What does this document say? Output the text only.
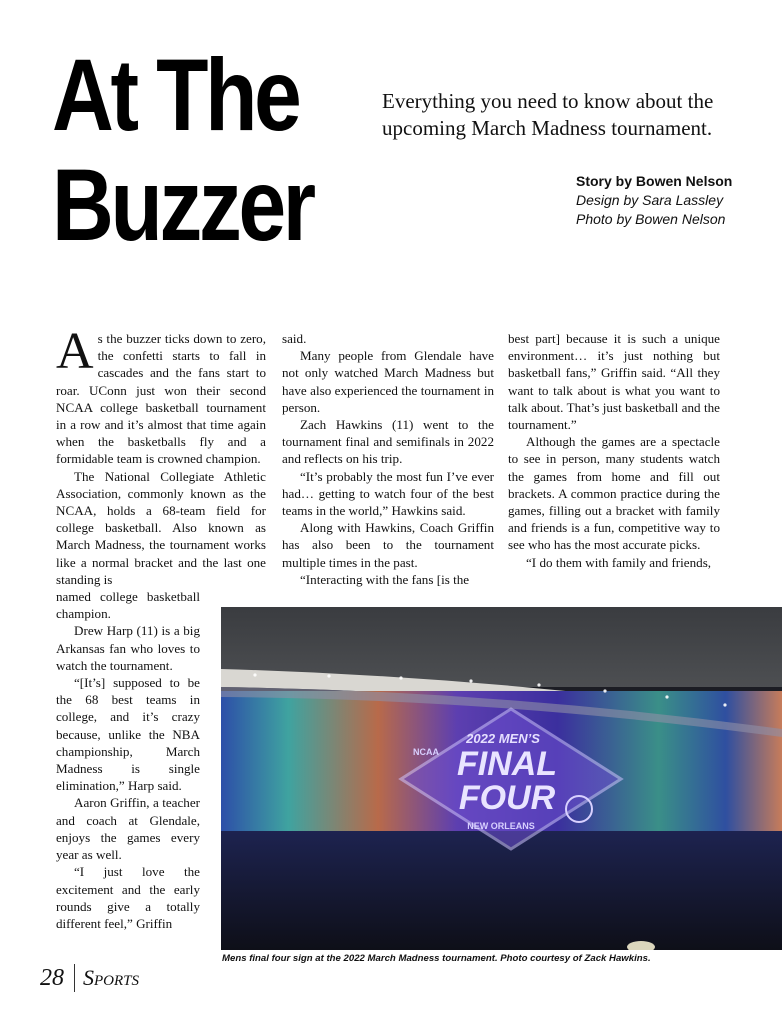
At The
Buzzer
Everything you need to know about the upcoming March Madness tournament.
Story by Bowen Nelson
Design by Sara Lassley
Photo by Bowen Nelson

As the buzzer ticks down to zero, the confetti starts to fall in cascades and the fans start to roar. UConn just won their second NCAA college basketball tournament in a row and it’s almost that time again when the basketballs fly and a formidable team is crowned champion.

The National Collegiate Athletic Association, commonly known as the NCAA, holds a 68-team field for college basketball. Also known as March Madness, the tournament works like a normal bracket and the last one standing is

named college basketball champion.

Drew Harp (11) is a big Arkansas fan who loves to watch the tournament.

“[It’s] supposed to be the 68 best teams in college, and it’s crazy because, unlike the NBA championship, March Madness is single elimination,” Harp said.

Aaron Griffin, a teacher and coach at Glendale, enjoys the games every year as well.

“I just love the excitement and the early rounds give a totally different feel,” Griffin

said.

Many people from Glendale have not only watched March Madness but have also experienced the tournament in person.

Zach Hawkins (11) went to the tournament final and semifinals in 2022 and reflects on his trip.

“It’s probably the most fun I’ve ever had… getting to watch four of the best teams in the world,” Hawkins said.

Along with Hawkins, Coach Griffin has also been to the tournament multiple times in the past.

“Interacting with the fans [is the

best part] because it is such a unique environment… it’s just nothing but basketball fans,” Griffin said. “All they want to talk about is what you want to talk about. That’s just basketball and the tournament.”

Although the games are a spectacle to see in person, many students watch the games from home and fill out brackets. A common practice during the games, filling out a bracket with family and friends is a fun, competitive way to see who has the most accurate picks.

“I do them with family and friends,

NCAA
2022 MEN’S
FINAL
FOUR
NEW ORLEANS
Mens final four sign at the 2022 March Madness tournament. Photo courtesy of Zack Hawkins.
28 Sports
